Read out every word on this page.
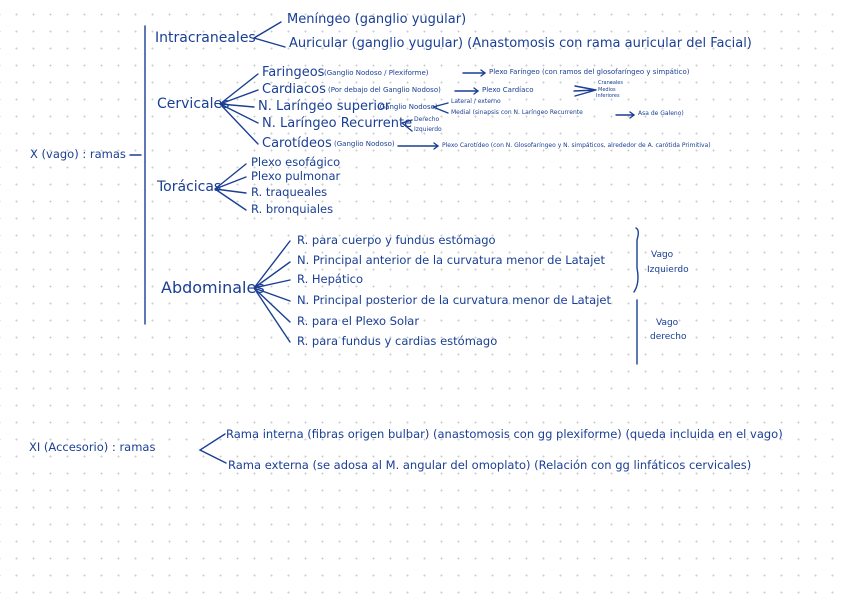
X (vago) : ramas
Intracraneales
Meníngeo (ganglio yugular)
Auricular (ganglio yugular) (Anastomosis con rama auricular del Facial)
Cervicales
Faringeos (Ganglio Nodoso / Plexiforme)	Plexo Faríngeo (con ramos del glosofaríngeo y simpático)
Cardiacos (Por debajo del Ganglio Nodoso)	Plexo Cardíaco
Craneales
Medios
Inferiores
N. Laríngeo superior
(Ganglio Nodoso)
Lateral / externo
Medial (sinapsis con N. Laríngeo Recurrente	Asa de Galeno)
N. Laríngeo Recurrente Derecho
Izquierdo
Carotídeos (Ganglio Nodoso)	Plexo Carotídeo (con N. Glosofaríngeo y N. simpáticos, alrededor de A. carótida Primitiva)
Torácicas
Plexo esofágico
Plexo pulmonar
R. traqueales
R. bronquiales
Abdominales
R. para cuerpo y fundus estómago
N. Principal anterior de la curvatura menor de Latajet
R. Hepático
N. Principal posterior de la curvatura menor de Latajet
R. para el Plexo Solar
R. para fundus y cardias estómago
Vago
Izquierdo
Vago
derecho
XI (Accesorio) : ramas
Rama interna (fibras origen bulbar) (anastomosis con gg plexiforme) (queda incluida en el vago)
Rama externa (se adosa al M. angular del omoplato) (Relación con gg linfáticos cervicales)
